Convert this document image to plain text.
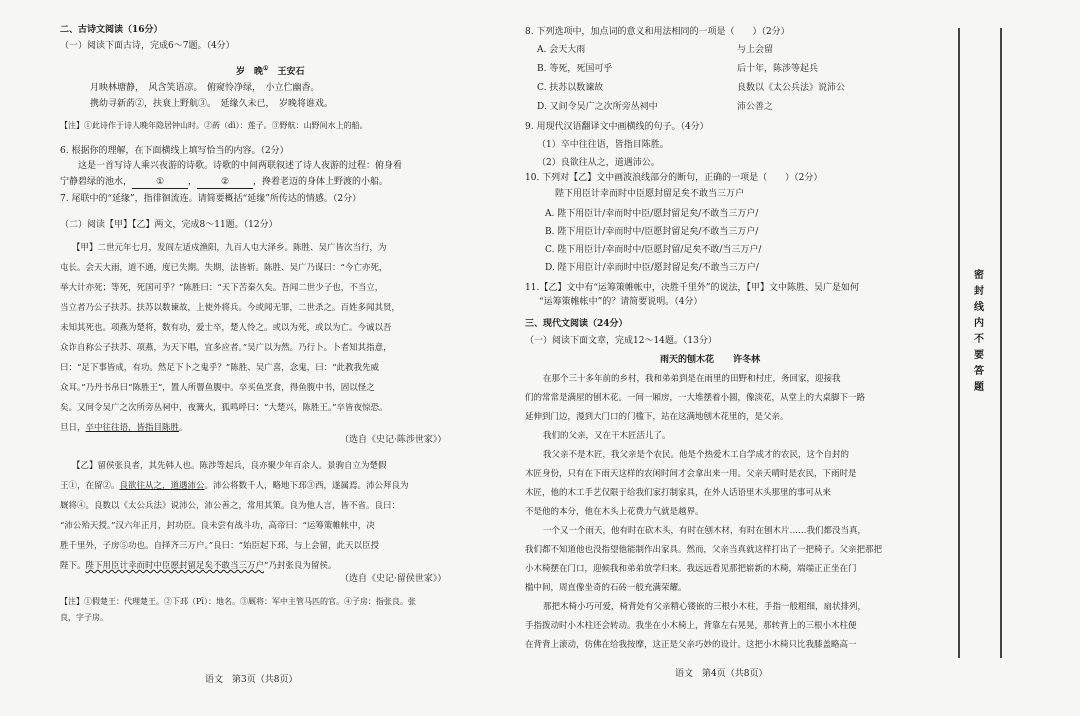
二、古诗文阅读（16分）
（一）阅读下面古诗，完成6～7题。（4分）
岁　晚① 王安石
月映林塘静，　风含笑语凉。　俯窥怜净绿，　小立伫幽香。
携幼寻新菂②，扶衰上野航③。　延缘久未已，　岁晚将谁戏。
【注】①此诗作于诗人晚年隐居钟山时。②菂（dì）：莲子。③野航：山野间水上的船。
6. 根据你的理解，在下面横线上填写恰当的内容。（2分）
这是一首写诗人乘兴夜游的诗歌。诗歌的中间两联叙述了诗人夜游的过程：俯身看
宁静碧绿的池水，	①	，	②	，搀着老迈的身体上野渡的小船。
7. 尾联中的“延缘”，指徘徊流连。请简要概括“延缘”所传达的情感。（2分）
（二）阅读【甲】【乙】两文，完成8～11题。（12分）
【甲】二世元年七月，发闾左适戍渔阳，九百人屯大泽乡。陈胜、吴广皆次当行，为
屯长。会天大雨，道不通，度已失期。失期，法皆斩。陈胜、吴广乃谋曰：“今亡亦死，
举大计亦死；等死，死国可乎？”陈胜曰：“天下苦秦久矣。吾闻二世少子也，不当立，
当立者乃公子扶苏。扶苏以数谏故，上使外将兵。今或闻无罪，二世杀之。百姓多闻其贤，
未知其死也。项燕为楚将，数有功，爱士卒，楚人怜之。或以为死，或以为亡。今诚以吾
众诈自称公子扶苏、项燕，为天下唱，宜多应者。”吴广以为然。乃行卜。卜者知其指意，
曰：“足下事皆成，有功。然足下卜之鬼乎？”陈胜、吴广喜，念鬼，曰：“此教我先威
众耳。”乃丹书帛曰“陈胜王”，置人所罾鱼腹中。卒买鱼烹食，得鱼腹中书，固以怪之
矣。又间令吴广之次所旁丛祠中，夜篝火，狐鸣呼曰：“大楚兴，陈胜王。”卒皆夜惊恐。
旦日，卒中往往语，皆指目陈胜。
（选自《史记·陈涉世家》）
【乙】留侯张良者，其先韩人也。陈涉等起兵，良亦聚少年百余人。景驹自立为楚假
王①，在留②。良欲往从之，道遇沛公。沛公将数千人，略地下邳③西，遂属焉。沛公拜良为
厩将④。良数以《太公兵法》说沛公，沛公善之，常用其策。良为他人言，皆不省。良曰：
“沛公殆天授。”汉六年正月，封功臣。良未尝有战斗功，高帝曰：“运筹策帷帐中，决
胜千里外，子房⑤功也。自择齐三万户。”良曰：“始臣起下邳，与上会留，此天以臣授
陛下。陛下用臣计幸而时中臣愿封留足矣不敢当三万户”乃封张良为留侯。
（选自《史记·留侯世家》）
【注】①假楚王：代理楚王。②下邳（Pī）：地名。③厩将：军中主管马匹的官。④子房：指张良。张
良，字子房。
语文　第3页（共8页）
8. 下列选项中，加点词的意义和用法相同的一项是（　　）（2分）
A. 会天大雨	与上会留
B. 等死，死国可乎	后十年，陈涉等起兵
C. 扶苏以数谏故	良数以《太公兵法》说沛公
D. 又间令吴广之次所旁丛祠中	沛公善之
9. 用现代汉语翻译文中画横线的句子。（4分）
（1）卒中往往语，皆指目陈胜。
（2）良欲往从之，道遇沛公。
10. 下列对【乙】文中画波浪线部分的断句，正确的一项是（　　）（2分）
陛下用臣计幸而时中臣愿封留足矣不敢当三万户
A. 陛下用臣计/幸而时中臣/愿封留足矣/不敢当三万户/
B. 陛下用臣计/幸而时中/臣愿封留足矣/不敢当三万户/
C. 陛下用臣计/幸而时中/臣愿封留/足矣不敢/当三万户/
D. 陛下用臣计/幸而时中臣/愿封留足矣/不敢当三万户/
11.【乙】文中有“运筹策帷帐中，决胜千里外”的说法，【甲】文中陈胜、吴广是如何
“运筹策帷帐中”的？请简要说明。（4分）
三、现代文阅读（24分）
（一）阅读下面文章，完成12～14题。（13分）
雨天的刨木花 许冬林
在那个三十多年前的乡村，我和弟弟到是在雨里的田野和村庄，务回家，迎接我
们的常常是满屋的刨木花。一间一厢房，一大堆摆着小圆，像淡花，从堂上的大桌脚下一路
延伸到门边，漫到大门口的门槛下，站在这满地刨木花里的，是父亲。
我们的父亲，又在干木匠活儿了。
我父亲不是木匠，我父亲是个农民。他是个热爱木工自学成才的农民，这个自封的
木匠身份，只有在下雨天这样的农闲时间才会拿出来一用。父亲天晴时是农民，下雨时是
木匠，他的木工手艺仅限于给我们家打制家具，在外人话语里木头那里的事可从来
不是他的本分，他在木头上花费力气就是越界。
一个又一个雨天，他有时在砍木头，有时在刨木材，有时在刨木片……我们都没当真，
我们都不知道他也没指望他能制作出家具。然而，父亲当真就这样打出了一把椅子。父亲把那把
小木椅摆在门口，迎候我和弟弟放学归来。我远远看见那把崭新的木椅，端端正正坐在门
槛中间，周直像坐奇的石砖一般充满荣耀。
那把木椅小巧可爱，椅背处有父亲精心镂嵌的三根小木柱，手指一般粗细，扇状排列，
手指拨动时小木柱还会转动。我坐在小木椅上，背靠左右晃晃，那转背上的三根小木柱便
在背背上滚动，仿佛在给我按摩，这正是父亲巧妙的设计。这把小木椅只比我膝盖略高一
语文　第4页（共8页）
密封线内不要答题
